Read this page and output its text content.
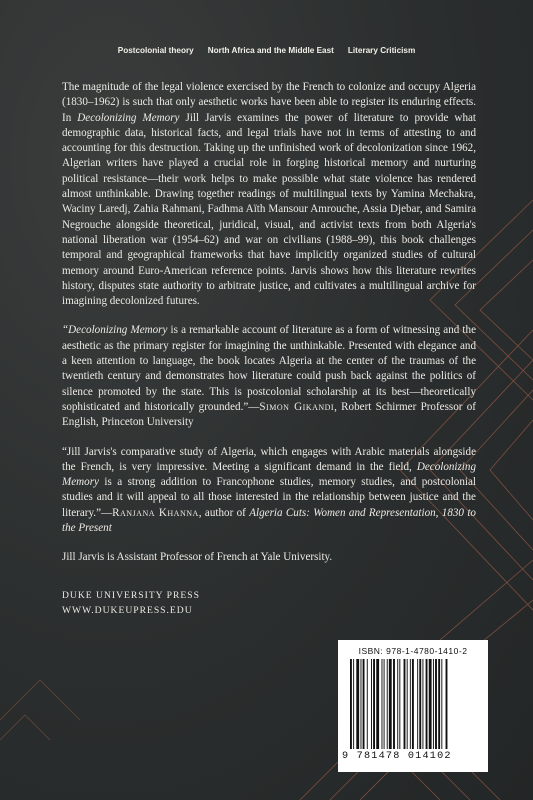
Postcolonial theory North Africa and the Middle East Literary Criticism

The magnitude of the legal violence exercised by the French to colonize and occupy Algeria (1830–1962) is such that only aesthetic works have been able to register its enduring effects. In Decolonizing Memory Jill Jarvis examines the power of literature to provide what demographic data, historical facts, and legal trials have not in terms of attesting to and accounting for this destruction. Taking up the unfinished work of decolonization since 1962, Algerian writers have played a crucial role in forging historical memory and nurturing political resistance—their work helps to make possible what state violence has rendered almost unthinkable. Drawing together readings of multilingual texts by Yamina Mechakra, Waciny Laredj, Zahia Rahmani, Fadhma Aïth Mansour Amrouche, Assia Djebar, and Samira Negrouche alongside theoretical, juridical, visual, and activist texts from both Algeria's national liberation war (1954–62) and war on civilians (1988–99), this book challenges temporal and geographical frameworks that have implicitly organized studies of cultural memory around Euro-American reference points. Jarvis shows how this literature rewrites history, disputes state authority to arbitrate justice, and cultivates a multilingual archive for imagining decolonized futures.

“Decolonizing Memory is a remarkable account of literature as a form of witnessing and the aesthetic as the primary register for imagining the unthinkable. Presented with elegance and a keen attention to language, the book locates Algeria at the center of the traumas of the twentieth century and demonstrates how literature could push back against the politics of silence promoted by the state. This is postcolonial scholarship at its best—theoretically sophisticated and historically grounded.”—Simon Gikandi, Robert Schirmer Professor of English, Princeton University

“Jill Jarvis's comparative study of Algeria, which engages with Arabic materials alongside the French, is very impressive. Meeting a significant demand in the field, Decolonizing Memory is a strong addition to Francophone studies, memory studies, and postcolonial studies and it will appeal to all those interested in the relationship between justice and the literary.”—Ranjana Khanna, author of Algeria Cuts: Women and Representation, 1830 to the Present

Jill Jarvis is Assistant Professor of French at Yale University.

DUKE UNIVERSITY PRESS
WWW.DUKEUPRESS.EDU
ISBN: 978-1-4780-1410-2
9 781478 014102
